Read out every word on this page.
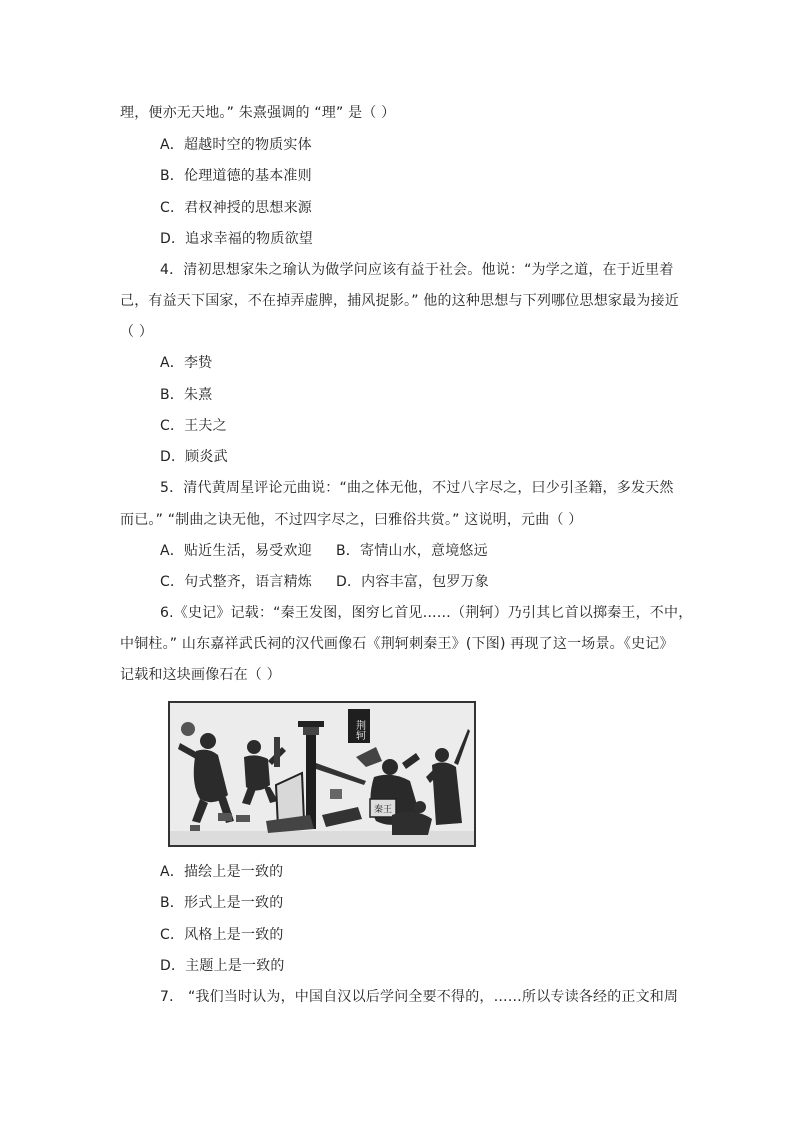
理，便亦无天地。” 朱熹强调的 “理” 是（ ）
A．超越时空的物质实体
B．伦理道德的基本准则
C．君权神授的思想来源
D．追求幸福的物质欲望
4．清初思想家朱之瑜认为做学问应该有益于社会。他说：“为学之道，在于近里着
己，有益天下国家，不在掉弄虚脾，捕风捉影。” 他的这种思想与下列哪位思想家最为接近
（ ）
A．李贽
B．朱熹
C．王夫之
D．顾炎武
5．清代黄周星评论元曲说：“曲之体无他，不过八字尽之，曰少引圣籍，多发天然
而已。” “制曲之诀无他，不过四字尽之，曰雅俗共赏。” 这说明，元曲（ ）
A．贴近生活，易受欢迎 B．寄情山水，意境悠远
C．句式整齐，语言精炼 D．内容丰富，包罗万象
6.《史记》记载：“秦王发图，图穷匕首见……（荆轲）乃引其匕首以掷秦王，不中，
中铜柱。” 山东嘉祥武氏祠的汉代画像石《荆轲刺秦王》(下图) 再现了这一场景。《史记》
记载和这块画像石在（ ）
荆轲
秦王
A．描绘上是一致的
B．形式上是一致的
C．风格上是一致的
D．主题上是一致的
7． “我们当时认为，中国自汉以后学问全要不得的，……所以专读各经的正文和周
